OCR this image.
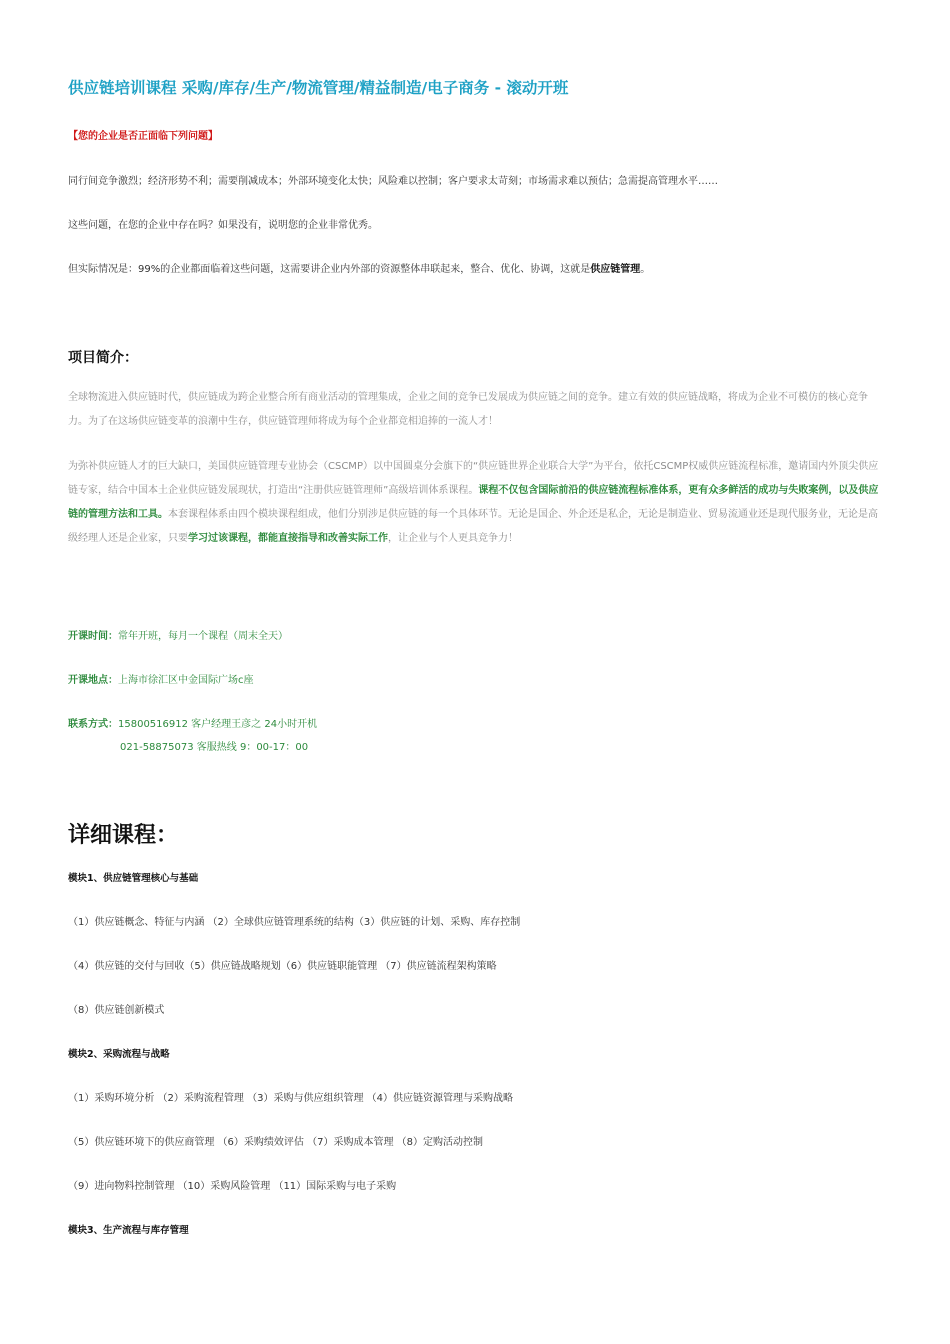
供应链培训课程 采购/库存/生产/物流管理/精益制造/电子商务 - 滚动开班
【您的企业是否正面临下列问题】
同行间竞争激烈；经济形势不利；需要削减成本；外部环境变化太快；风险难以控制；客户要求太苛刻；市场需求难以预估；急需提高管理水平……
这些问题，在您的企业中存在吗？如果没有，说明您的企业非常优秀。
但实际情况是：99%的企业都面临着这些问题，这需要讲企业内外部的资源整体串联起来，整合、优化、协调，这就是供应链管理。
项目简介：
全球物流进入供应链时代，供应链成为跨企业整合所有商业活动的管理集成，企业之间的竞争已发展成为供应链之间的竞争。建立有效的供应链战略，将成为企业不可模仿的核心竞争力。为了在这场供应链变革的浪潮中生存，供应链管理师将成为每个企业都竞相追捧的一流人才！
为弥补供应链人才的巨大缺口，美国供应链管理专业协会（CSCMP）以中国圆桌分会旗下的“供应链世界企业联合大学”为平台，依托CSCMP权威供应链流程标准，邀请国内外顶尖供应链专家，结合中国本土企业供应链发展现状，打造出“注册供应链管理师”高级培训体系课程。课程不仅包含国际前沿的供应链流程标准体系，更有众多鲜活的成功与失败案例，以及供应链的管理方法和工具。本套课程体系由四个模块课程组成，他们分别涉足供应链的每一个具体环节。无论是国企、外企还是私企，无论是制造业、贸易流通业还是现代服务业，无论是高级经理人还是企业家，只要学习过该课程，都能直接指导和改善实际工作，让企业与个人更具竞争力！
开课时间：常年开班，每月一个课程（周末全天）
开课地点：上海市徐汇区中金国际广场c座
联系方式：15800516912 客户经理王彦之 24小时开机
021-58875073 客服热线 9：00-17：00
详细课程：
模块1、供应链管理核心与基础
（1）供应链概念、特征与内涵 （2）全球供应链管理系统的结构（3）供应链的计划、采购、库存控制
（4）供应链的交付与回收（5）供应链战略规划（6）供应链职能管理 （7）供应链流程架构策略
（8）供应链创新模式
模块2、采购流程与战略
（1）采购环境分析 （2）采购流程管理 （3）采购与供应组织管理 （4）供应链资源管理与采购战略
（5）供应链环境下的供应商管理 （6）采购绩效评估 （7）采购成本管理 （8）定购活动控制
（9）进向物料控制管理 （10）采购风险管理 （11）国际采购与电子采购
模块3、生产流程与库存管理
